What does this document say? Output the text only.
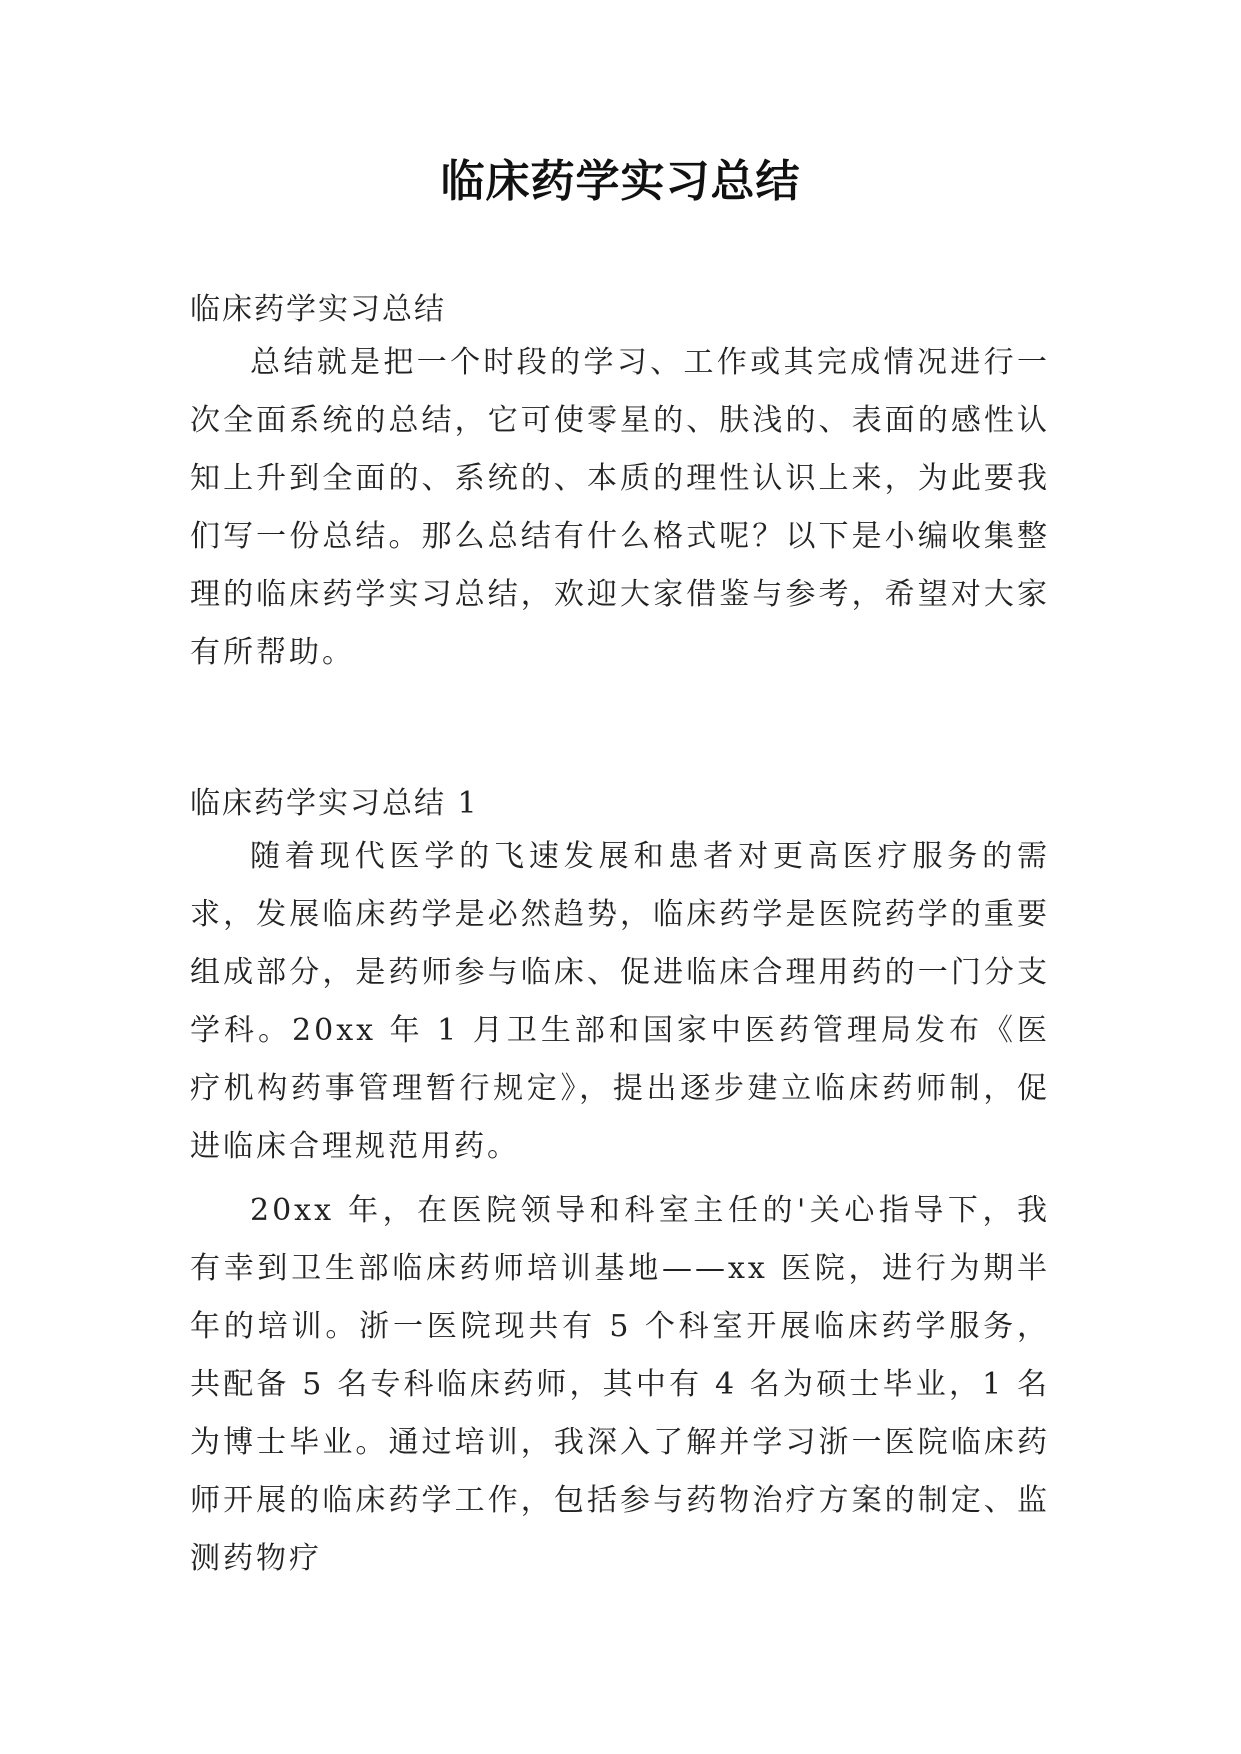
临床药学实习总结

临床药学实习总结

总结就是把一个时段的学习、工作或其完成情况进行一次全面系统的总结，它可使零星的、肤浅的、表面的感性认知上升到全面的、系统的、本质的理性认识上来，为此要我们写一份总结。那么总结有什么格式呢？以下是小编收集整理的临床药学实习总结，欢迎大家借鉴与参考，希望对大家有所帮助。

临床药学实习总结 1

随着现代医学的飞速发展和患者对更高医疗服务的需求，发展临床药学是必然趋势，临床药学是医院药学的重要组成部分，是药师参与临床、促进临床合理用药的一门分支学科。20xx 年 1 月卫生部和国家中医药管理局发布《医疗机构药事管理暂行规定》，提出逐步建立临床药师制，促进临床合理规范用药。

20xx 年，在医院领导和科室主任的'关心指导下，我有幸到卫生部临床药师培训基地——xx 医院，进行为期半年的培训。浙一医院现共有 5 个科室开展临床药学服务，共配备 5 名专科临床药师，其中有 4 名为硕士毕业，1 名为博士毕业。通过培训，我深入了解并学习浙一医院临床药师开展的临床药学工作，包括参与药物治疗方案的制定、监测药物疗
